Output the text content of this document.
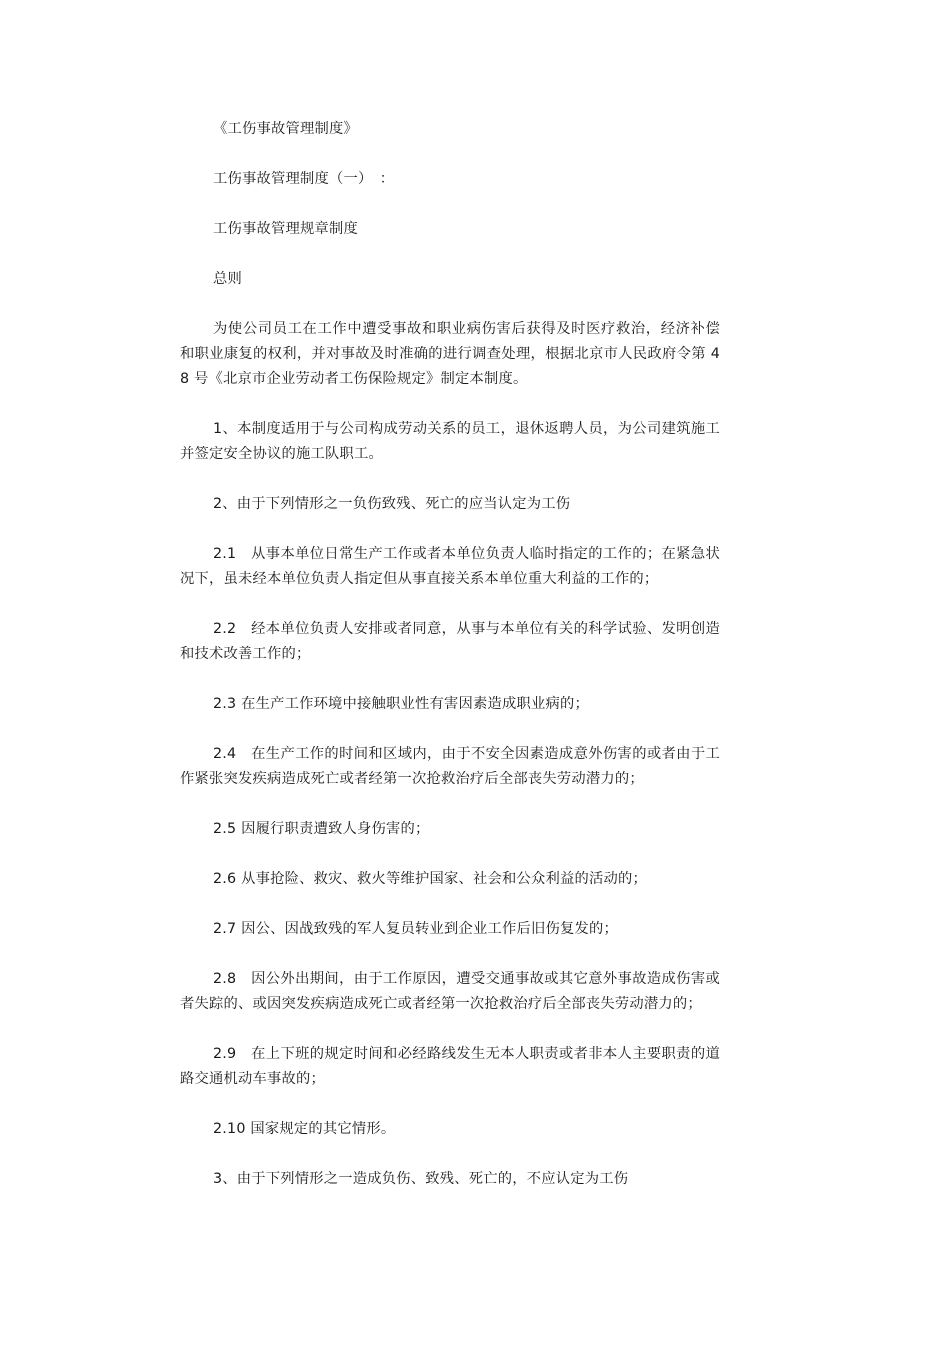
《工伤事故管理制度》

工伤事故管理制度（一）　：

工伤事故管理规章制度

总则

为使公司员工在工作中遭受事故和职业病伤害后获得及时医疗救治，经济补偿和职业康复的权利，并对事故及时准确的进行调查处理，根据北京市人民政府令第 48 号《北京市企业劳动者工伤保险规定》制定本制度。

1、本制度适用于与公司构成劳动关系的员工，退休返聘人员，为公司建筑施工并签定安全协议的施工队职工。

2、由于下列情形之一负伤致残、死亡的应当认定为工伤

2.1　从事本单位日常生产工作或者本单位负责人临时指定的工作的；在紧急状况下，虽未经本单位负责人指定但从事直接关系本单位重大利益的工作的；

2.2　经本单位负责人安排或者同意，从事与本单位有关的科学试验、发明创造和技术改善工作的；

2.3 在生产工作环境中接触职业性有害因素造成职业病的；

2.4　在生产工作的时间和区域内，由于不安全因素造成意外伤害的或者由于工作紧张突发疾病造成死亡或者经第一次抢救治疗后全部丧失劳动潜力的；

2.5 因履行职责遭致人身伤害的；

2.6 从事抢险、救灾、救火等维护国家、社会和公众利益的活动的；

2.7 因公、因战致残的军人复员转业到企业工作后旧伤复发的；

2.8　因公外出期间，由于工作原因，遭受交通事故或其它意外事故造成伤害或者失踪的、或因突发疾病造成死亡或者经第一次抢救治疗后全部丧失劳动潜力的；

2.9　在上下班的规定时间和必经路线发生无本人职责或者非本人主要职责的道路交通机动车事故的；

2.10 国家规定的其它情形。

3、由于下列情形之一造成负伤、致残、死亡的，不应认定为工伤
